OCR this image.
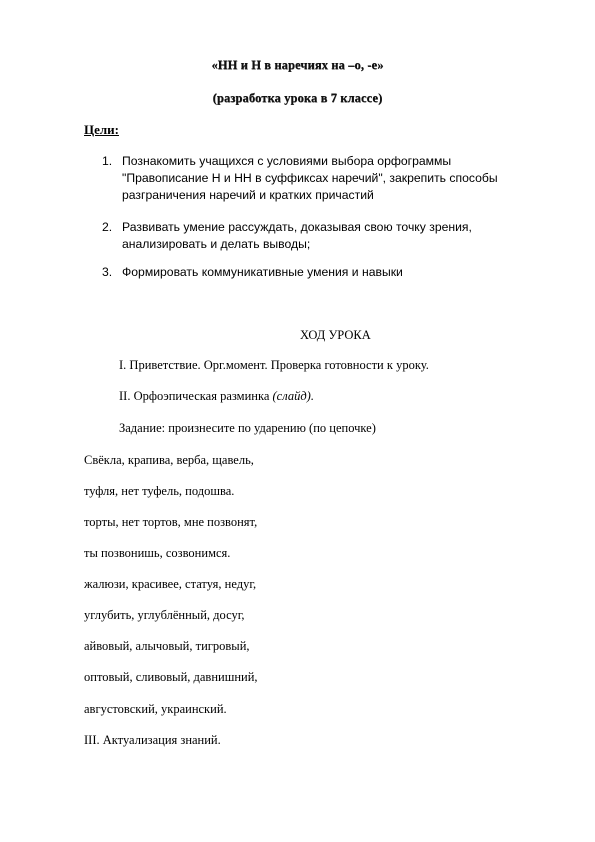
«НН и Н в наречиях на –о, -е»
(разработка урока в 7 классе)
Цели:
1. Познакомить учащихся с условиями выбора орфограммы
"Правописание Н и НН в суффиксах наречий", закрепить способы
разграничения наречий и кратких причастий
2. Развивать умение рассуждать, доказывая свою точку зрения,
анализировать и делать выводы;
3. Формировать коммуникативные умения и навыки
ХОД УРОКА
I. Приветствие. Орг.момент. Проверка готовности к уроку.
II. Орфоэпическая разминка (слайд).
Задание: произнесите по ударению (по цепочке)
Свёкла, крапива, верба, щавель,
туфля, нет туфель, подошва.
торты, нет тортов, мне позвонят,
ты позвонишь, созвонимся.
жалюзи, красивее, статуя, недуг,
углубить, углублённый, досуг,
айвовый, алычовый, тигровый,
оптовый, сливовый, давнишний,
августовский, украинский.
III. Актуализация знаний.
